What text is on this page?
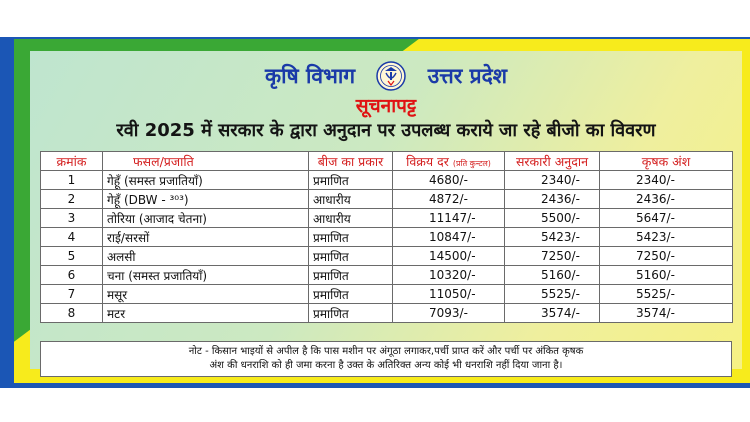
कृषि विभाग	उत्तर प्रदेश
सूचनापट्ट
रवी 2025 में सरकार के द्वारा अनुदान पर उपलब्ध कराये जा रहे बीजो का विवरण
क्रमांक	फसल/प्रजाति	बीज का प्रकार	विक्रय दर (प्रति कुन्टल)	सरकारी अनुदान	कृषक अंश
1	गेहूँ (समस्त प्रजातियाँ)	प्रमाणित	4680/-	2340/-	2340/-
2	गेहूँ (DBW - ³⁰³)	आधारीय	4872/-	2436/-	2436/-
3	तोरिया (आजाद चेतना)	आधारीय	11147/-	5500/-	5647/-
4	राई/सरसों	प्रमाणित	10847/-	5423/-	5423/-
5	अलसी	प्रमाणित	14500/-	7250/-	7250/-
6	चना (समस्त प्रजातियाँ)	प्रमाणित	10320/-	5160/-	5160/-
7	मसूर	प्रमाणित	11050/-	5525/-	5525/-
8	मटर	प्रमाणित	7093/-	3574/-	3574/-
नोट - किसान भाइयों से अपील है कि पास मशीन पर अंगूठा लगाकर,पर्ची प्राप्त करें और पर्ची पर अंकित कृषक
अंश की धनराशि को ही जमा करना है उक्त के अतिरिक्त अन्य कोई भी धनराशि नहीं दिया जाना है।
